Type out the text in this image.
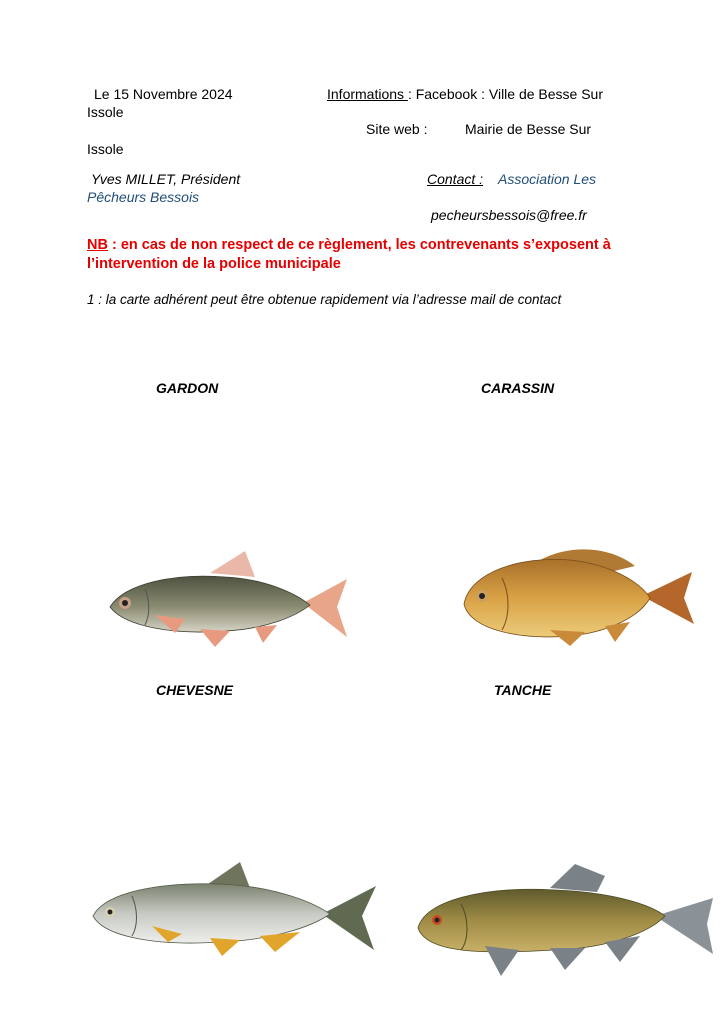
Le 15 Novembre 2024
Issole
Informations : Facebook : Ville de Besse Sur
Site web :	Mairie de Besse Sur
Issole
Yves MILLET, Président
Pêcheurs Bessois
Contact : Association Les
pecheursbessois@free.fr
NB : en cas de non respect de ce règlement, les contrevenants s’exposent à
l’intervention de la police municipale
1 : la carte adhérent peut être obtenue rapidement via l’adresse mail de contact
GARDON	CARASSIN
CHEVESNE	TANCHE
